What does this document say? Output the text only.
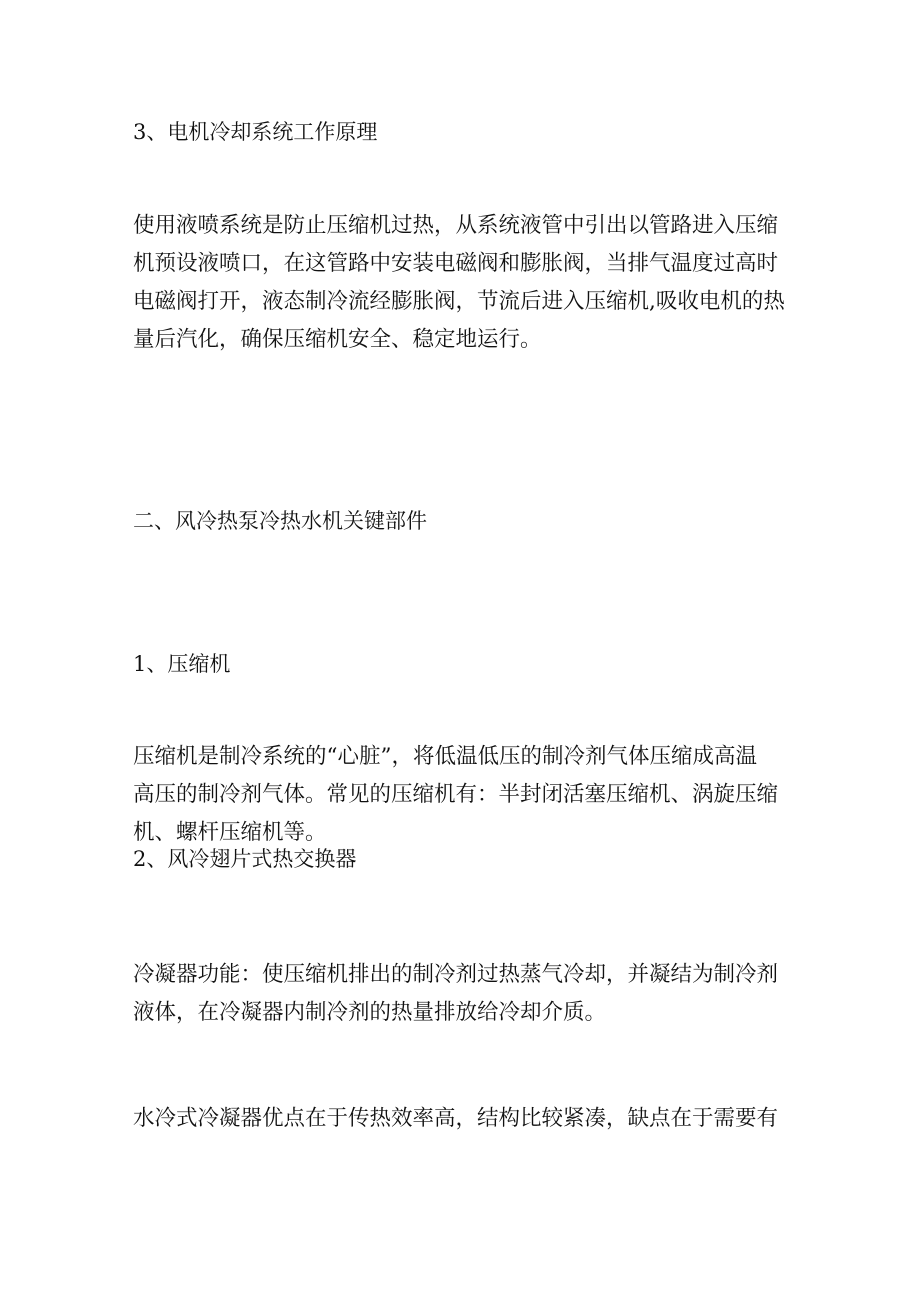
3、电机冷却系统工作原理

使用液喷系统是防止压缩机过热，从系统液管中引出以管路进入压缩
机预设液喷口，在这管路中安装电磁阀和膨胀阀，当排气温度过高时
电磁阀打开，液态制冷流经膨胀阀，节流后进入压缩机,吸收电机的热
量后汽化，确保压缩机安全、稳定地运行。

二、风冷热泵冷热水机关键部件

1、压缩机

压缩机是制冷系统的“心脏”，将低温低压的制冷剂气体压缩成高温
高压的制冷剂气体。常见的压缩机有：半封闭活塞压缩机、涡旋压缩
机、螺杆压缩机等。

2、风冷翅片式热交换器

冷凝器功能：使压缩机排出的制冷剂过热蒸气冷却，并凝结为制冷剂
液体，在冷凝器内制冷剂的热量排放给冷却介质。

水冷式冷凝器优点在于传热效率高，结构比较紧凑，缺点在于需要有
